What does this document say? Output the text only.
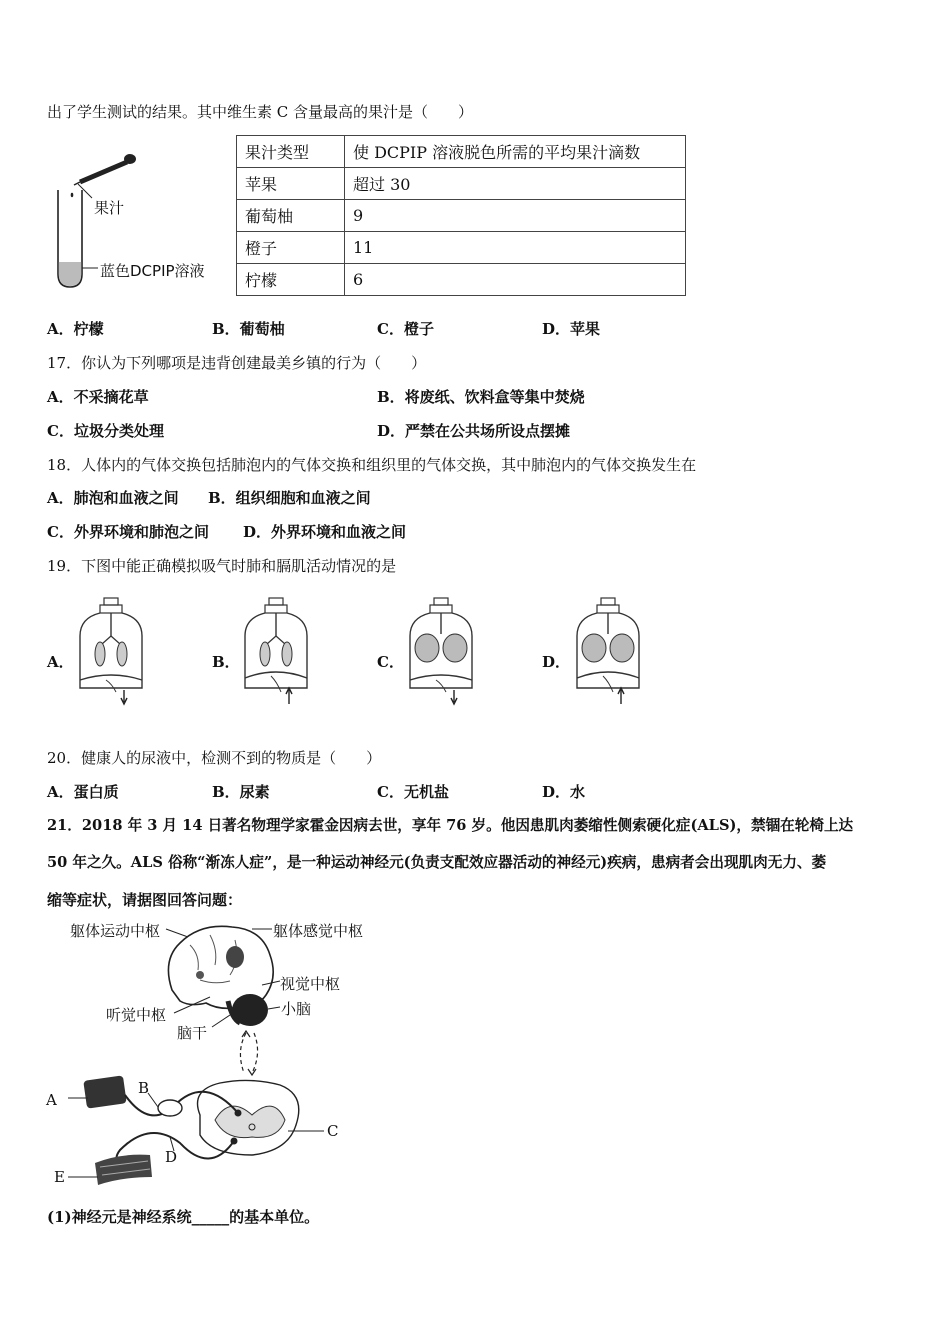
出了学生测试的结果。其中维生素 C 含量最高的果汁是（　　）
果汁
蓝色DCPIP溶液
果汁类型	使 DCPIP 溶液脱色所需的平均果汁滴数
苹果	超过 30
葡萄柚	9
橙子	11
柠檬	6
A．柠檬	B．葡萄柚	C．橙子	D．苹果
17．你认为下列哪项是违背创建最美乡镇的行为（　　）
A．不采摘花草	B．将废纸、饮料盒等集中焚烧
C．垃圾分类处理	D．严禁在公共场所设点摆摊
18．人体内的气体交换包括肺泡内的气体交换和组织里的气体交换，其中肺泡内的气体交换发生在
A．肺泡和血液之间 B．组织细胞和血液之间
C．外界环境和肺泡之间 D．外界环境和血液之间
19．下图中能正确模拟吸气时肺和膈肌活动情况的是
A．	B．	C．	D．
20．健康人的尿液中，检测不到的物质是（　　）
A．蛋白质	B．尿素	C．无机盐	D．水
21．2018 年 3 月 14 日著名物理学家霍金因病去世，享年 76 岁。他因患肌肉萎缩性侧索硬化症(ALS)，禁锢在轮椅上达
50 年之久。ALS 俗称“渐冻人症”，是一种运动神经元(负责支配效应器活动的神经元)疾病，患病者会出现肌肉无力、萎
缩等症状，请据图回答问题：
躯体运动中枢	躯体感觉中枢
视觉中枢
听觉中枢	小脑
脑干
A
B
C
D
E
(1)神经元是神经系统_____的基本单位。
